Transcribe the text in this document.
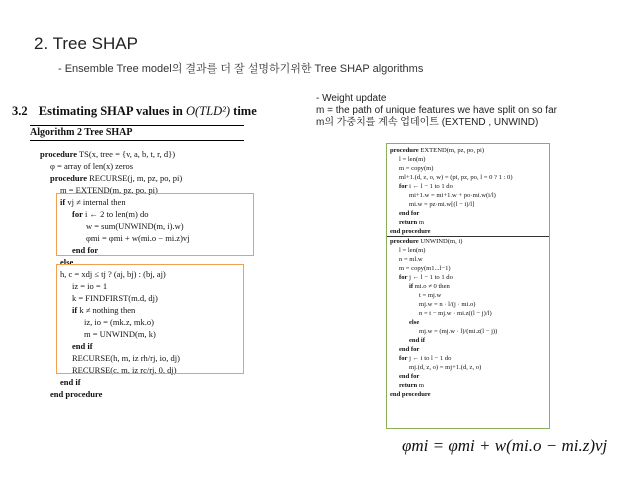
2. Tree SHAP
- Ensemble Tree model의 결과를 더 잘 설명하기위한 Tree SHAP algorithms
3.2 Estimating SHAP values in O(TLD²) time
Algorithm 2 Tree SHAP
procedure TS(x, tree = {v, a, b, t, r, d})
φ = array of len(x) zeros
procedure RECURSE(j, m, pz, po, pi)
m = EXTEND(m, pz, po, pi)
if vj ≠ internal then
for i ← 2 to len(m) do
w = sum(UNWIND(m, i).w)
φmi = φmi + w(mi.o − mi.z)vj
end for
else
h, c = xdj ≤ tj ? (aj, bj) : (bj, aj)
iz = io = 1
k = FINDFIRST(m.d, dj)
if k ≠ nothing then
iz, io = (mk.z, mk.o)
m = UNWIND(m, k)
end if
RECURSE(h, m, iz rh/rj, io, dj)
RECURSE(c, m, iz rc/rj, 0, dj)
end if
end procedure
- Weight update
m = the path of unique features we have split on so far
m의 가중치를 계속 업데이트 (EXTEND , UNWIND)
procedure EXTEND(m, pz, po, pi)
l = len(m)
m = copy(m)
ml+1.(d, z, o, w) = (pi, pz, po, l = 0 ? 1 : 0)
for i ← l − 1 to 1 do
mi+1.w = mi+1.w + po·mi.w(i/l)
mi.w = pz·mi.w[(l − i)/l]
end for
return m
end procedure
procedure UNWIND(m, i)
l = len(m)
n = ml.w
m = copy(m1...l−1)
for j ← l − 1 to 1 do
if mi.o ≠ 0 then
t = mj.w
mj.w = n · l/(j · mi.o)
n = t − mj.w · mi.z((l − j)/l)
else
mj.w = (mj.w · l)/(mi.z(l − j))
end if
end for
for j ← i to l − 1 do
mj.(d, z, o) = mj+1.(d, z, o)
end for
return m
end procedure
φmi = φmi + w(mi.o − mi.z)vj
